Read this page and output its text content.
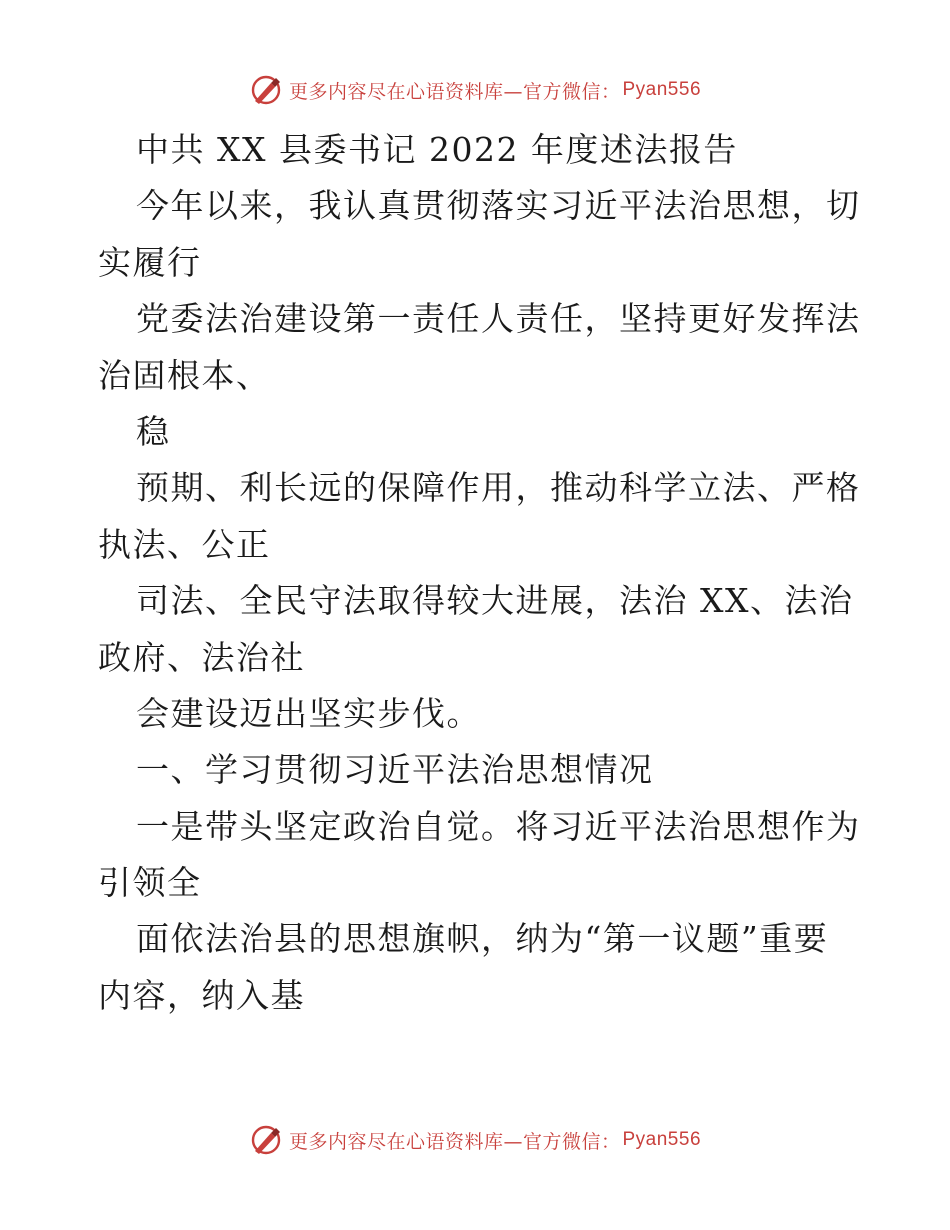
更多内容尽在心语资料库—官方微信： Pyan556
中共 XX 县委书记 2022 年度述法报告
今年以来，我认真贯彻落实习近平法治思想，切
实履行
党委法治建设第一责任人责任，坚持更好发挥法
治固根本、
稳
预期、利长远的保障作用，推动科学立法、严格
执法、公正
司法、全民守法取得较大进展，法治 XX、法治
政府、法治社
会建设迈出坚实步伐。
一、学习贯彻习近平法治思想情况
一是带头坚定政治自觉。将习近平法治思想作为
引领全
面依法治县的思想旗帜，纳为“第一议题”重要
内容，纳入基
更多内容尽在心语资料库—官方微信： Pyan556
